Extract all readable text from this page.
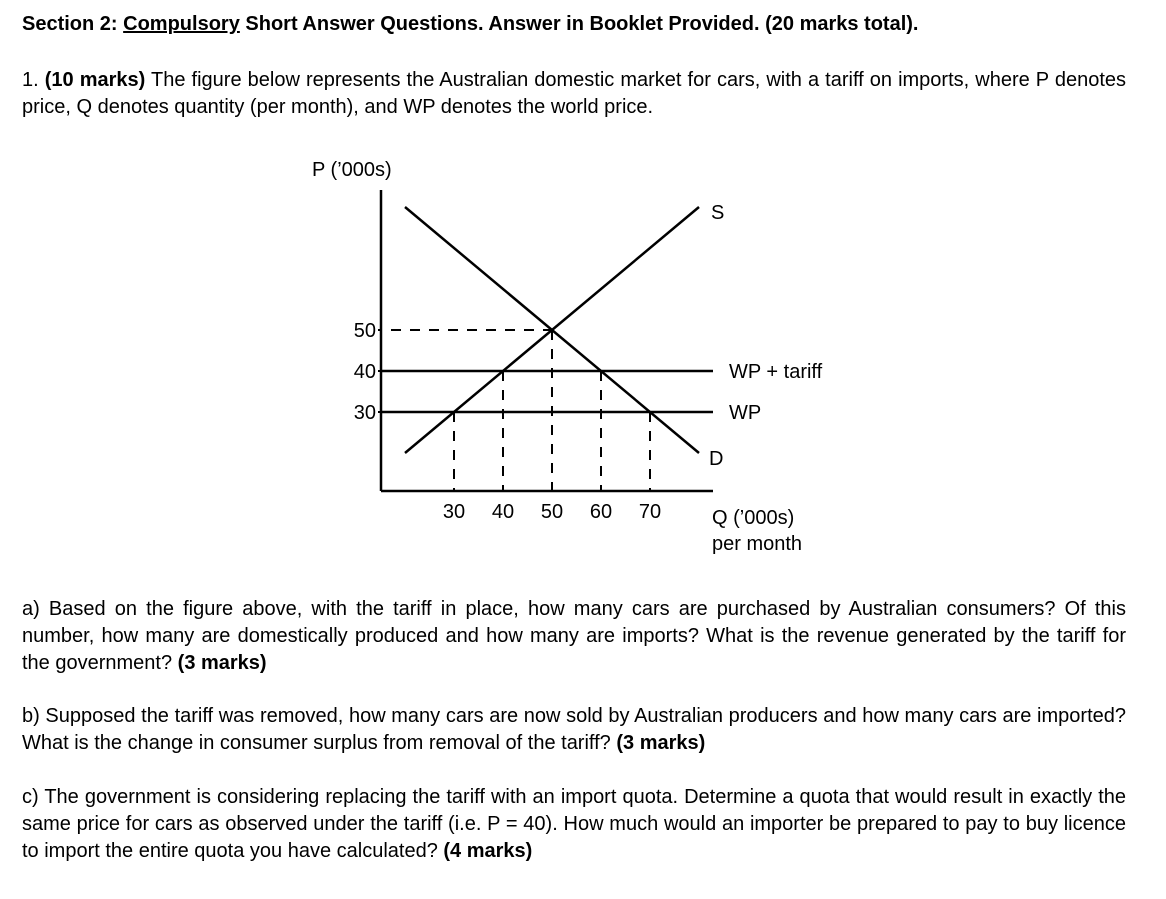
Section 2: Compulsory Short Answer Questions. Answer in Booklet Provided. (20 marks total).

1. (10 marks) The figure below represents the Australian domestic market for cars, with a tariff on imports, where P denotes price, Q denotes quantity (per month), and WP denotes the world price.

P (’000s)
Q (’000s)
per month
S
D
WP + tariff
WP
50
40
30
30 40 50 60 70

a) Based on the figure above, with the tariff in place, how many cars are purchased by Australian consumers? Of this number, how many are domestically produced and how many are imports? What is the revenue generated by the tariff for the government? (3 marks)

b) Supposed the tariff was removed, how many cars are now sold by Australian producers and how many cars are imported? What is the change in consumer surplus from removal of the tariff? (3 marks)

c) The government is considering replacing the tariff with an import quota. Determine a quota that would result in exactly the same price for cars as observed under the tariff (i.e. P = 40). How much would an importer be prepared to pay to buy licence to import the entire quota you have calculated? (4 marks)
